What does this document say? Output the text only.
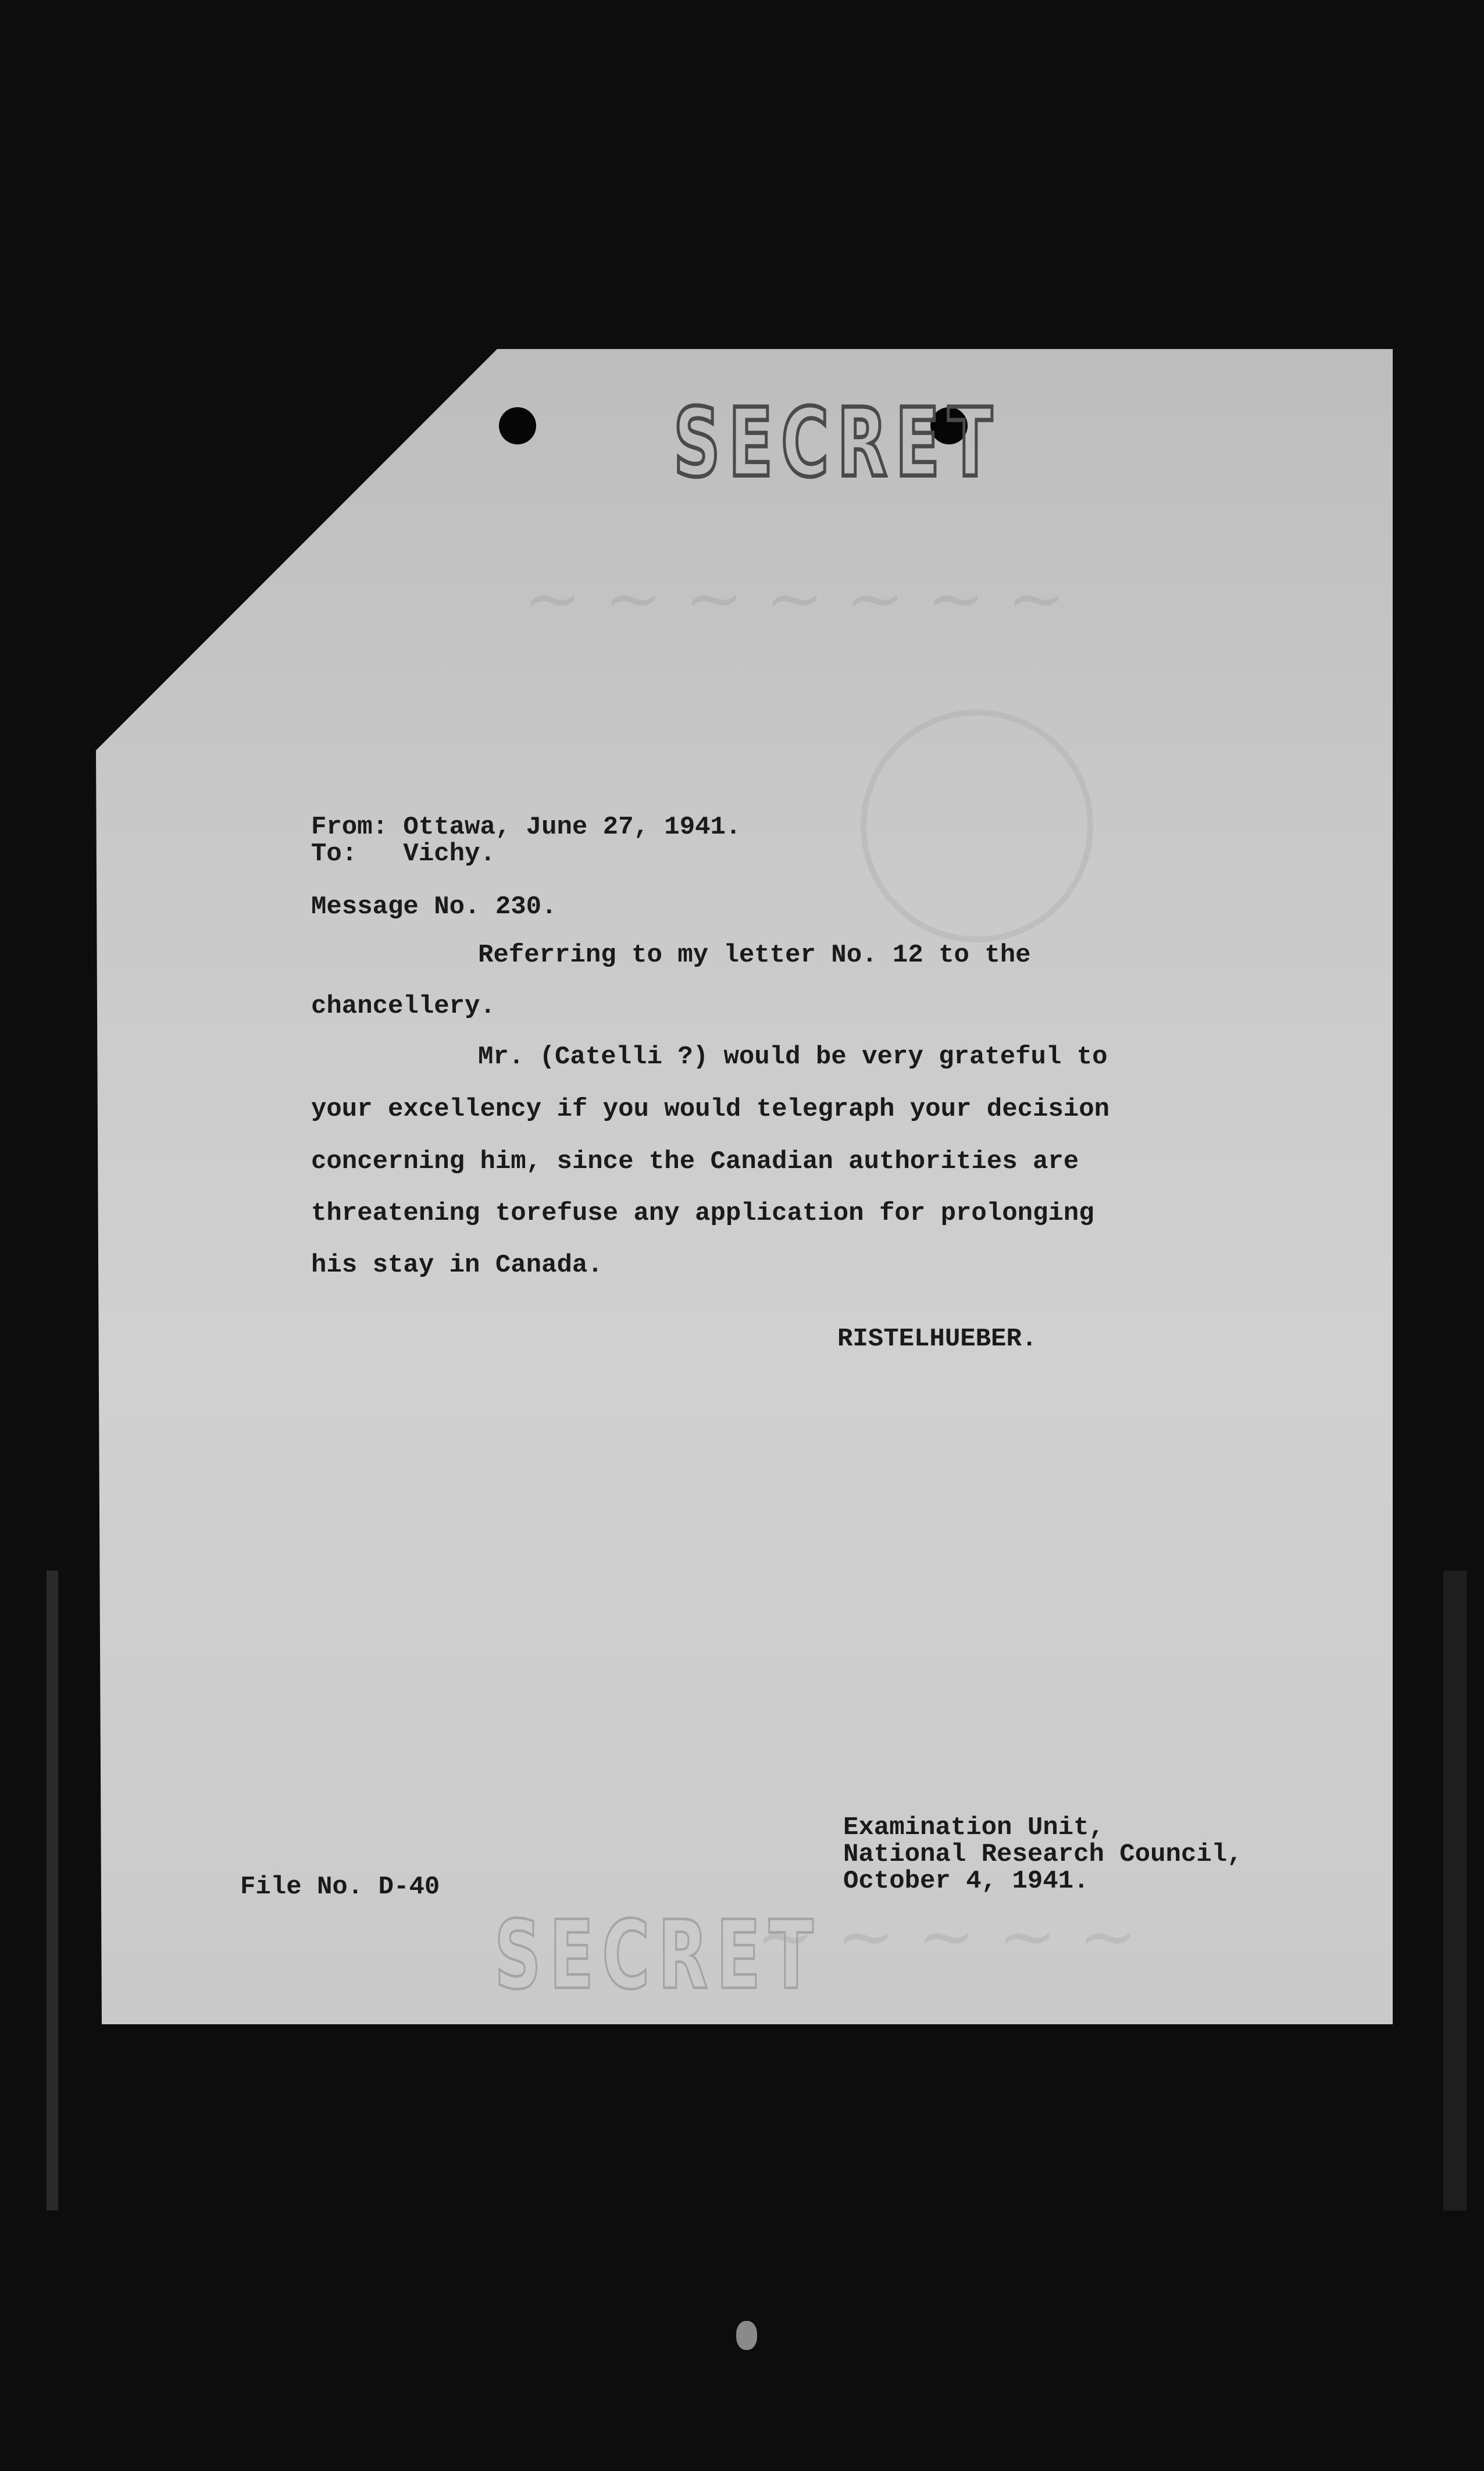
~ ~ ~ ~ ~ ~ ~
~ ~ ~ ~ ~
SECRET
SECRET
From: Ottawa, June 27, 1941.
To:   Vichy.
Message No. 230.
Referring to my letter No. 12 to the
chancellery.
Mr. (Catelli ?) would be very grateful to
your excellency if you would telegraph your decision
concerning him, since the Canadian authorities are
threatening torefuse any application for prolonging
his stay in Canada.
RISTELHUEBER.
Examination Unit,
National Research Council,
October 4, 1941.
File No. D-40
